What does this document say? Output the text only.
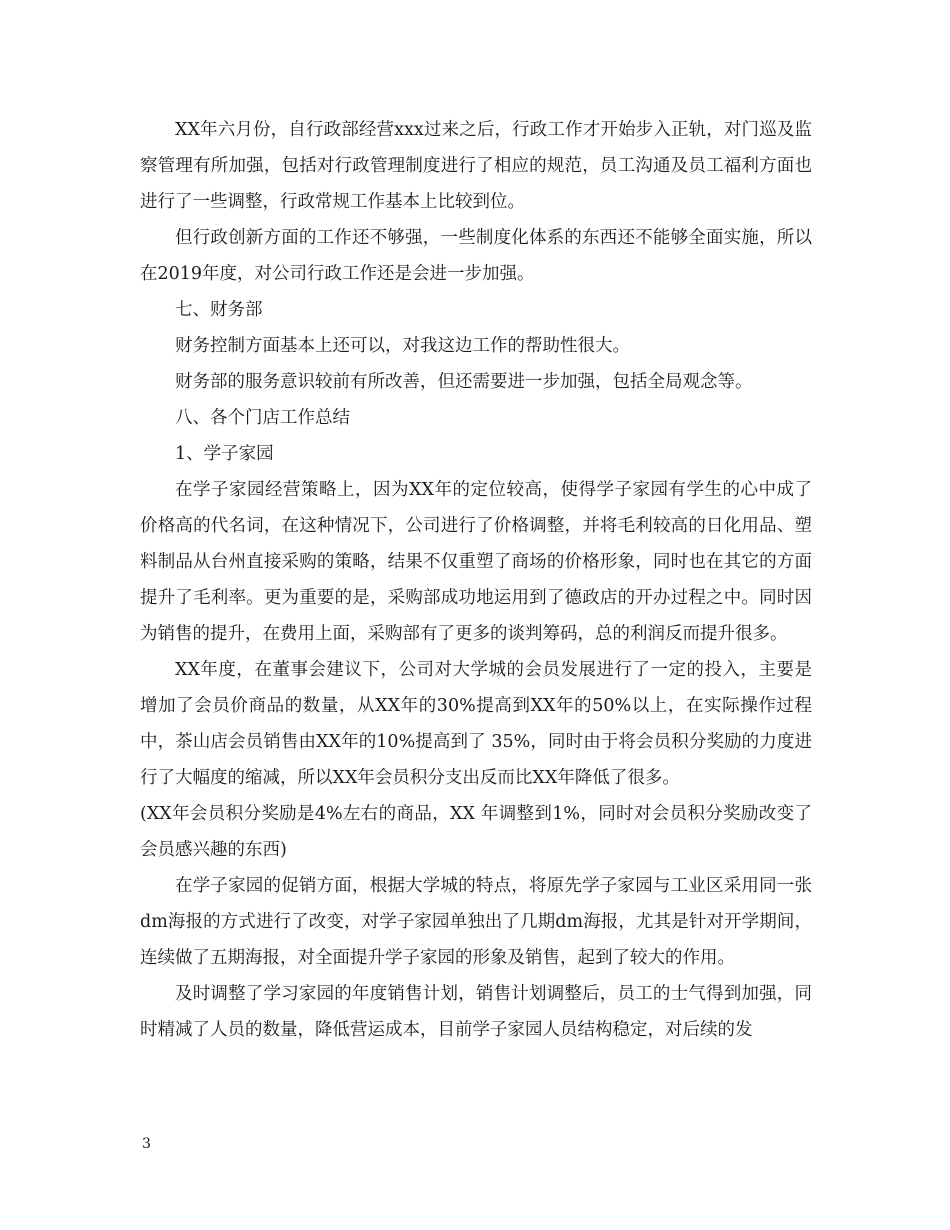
XX年六月份，自行政部经营xxx过来之后，行政工作才开始步入正轨，对门巡及监察管理有所加强，包括对行政管理制度进行了相应的规范，员工沟通及员工福利方面也进行了一些调整，行政常规工作基本上比较到位。

但行政创新方面的工作还不够强，一些制度化体系的东西还不能够全面实施，所以在2019年度，对公司行政工作还是会进一步加强。

七、财务部

财务控制方面基本上还可以，对我这边工作的帮助性很大。

财务部的服务意识较前有所改善，但还需要进一步加强，包括全局观念等。

八、各个门店工作总结

1、学子家园

在学子家园经营策略上，因为XX年的定位较高，使得学子家园有学生的心中成了价格高的代名词，在这种情况下，公司进行了价格调整，并将毛利较高的日化用品、塑料制品从台州直接采购的策略，结果不仅重塑了商场的价格形象，同时也在其它的方面提升了毛利率。更为重要的是，采购部成功地运用到了德政店的开办过程之中。同时因为销售的提升，在费用上面，采购部有了更多的谈判筹码，总的利润反而提升很多。

XX年度，在董事会建议下，公司对大学城的会员发展进行了一定的投入，主要是增加了会员价商品的数量，从XX年的30%提高到XX年的50%以上，在实际操作过程中，茶山店会员销售由XX年的10%提高到了 35%，同时由于将会员积分奖励的力度进行了大幅度的缩减，所以XX年会员积分支出反而比XX年降低了很多。

(XX年会员积分奖励是4%左右的商品，XX 年调整到1%，同时对会员积分奖励改变了会员感兴趣的东西)

在学子家园的促销方面，根据大学城的特点，将原先学子家园与工业区采用同一张dm海报的方式进行了改变，对学子家园单独出了几期dm海报，尤其是针对开学期间，连续做了五期海报，对全面提升学子家园的形象及销售，起到了较大的作用。

及时调整了学习家园的年度销售计划，销售计划调整后，员工的士气得到加强，同时精减了人员的数量，降低营运成本，目前学子家园人员结构稳定，对后续的发

3
